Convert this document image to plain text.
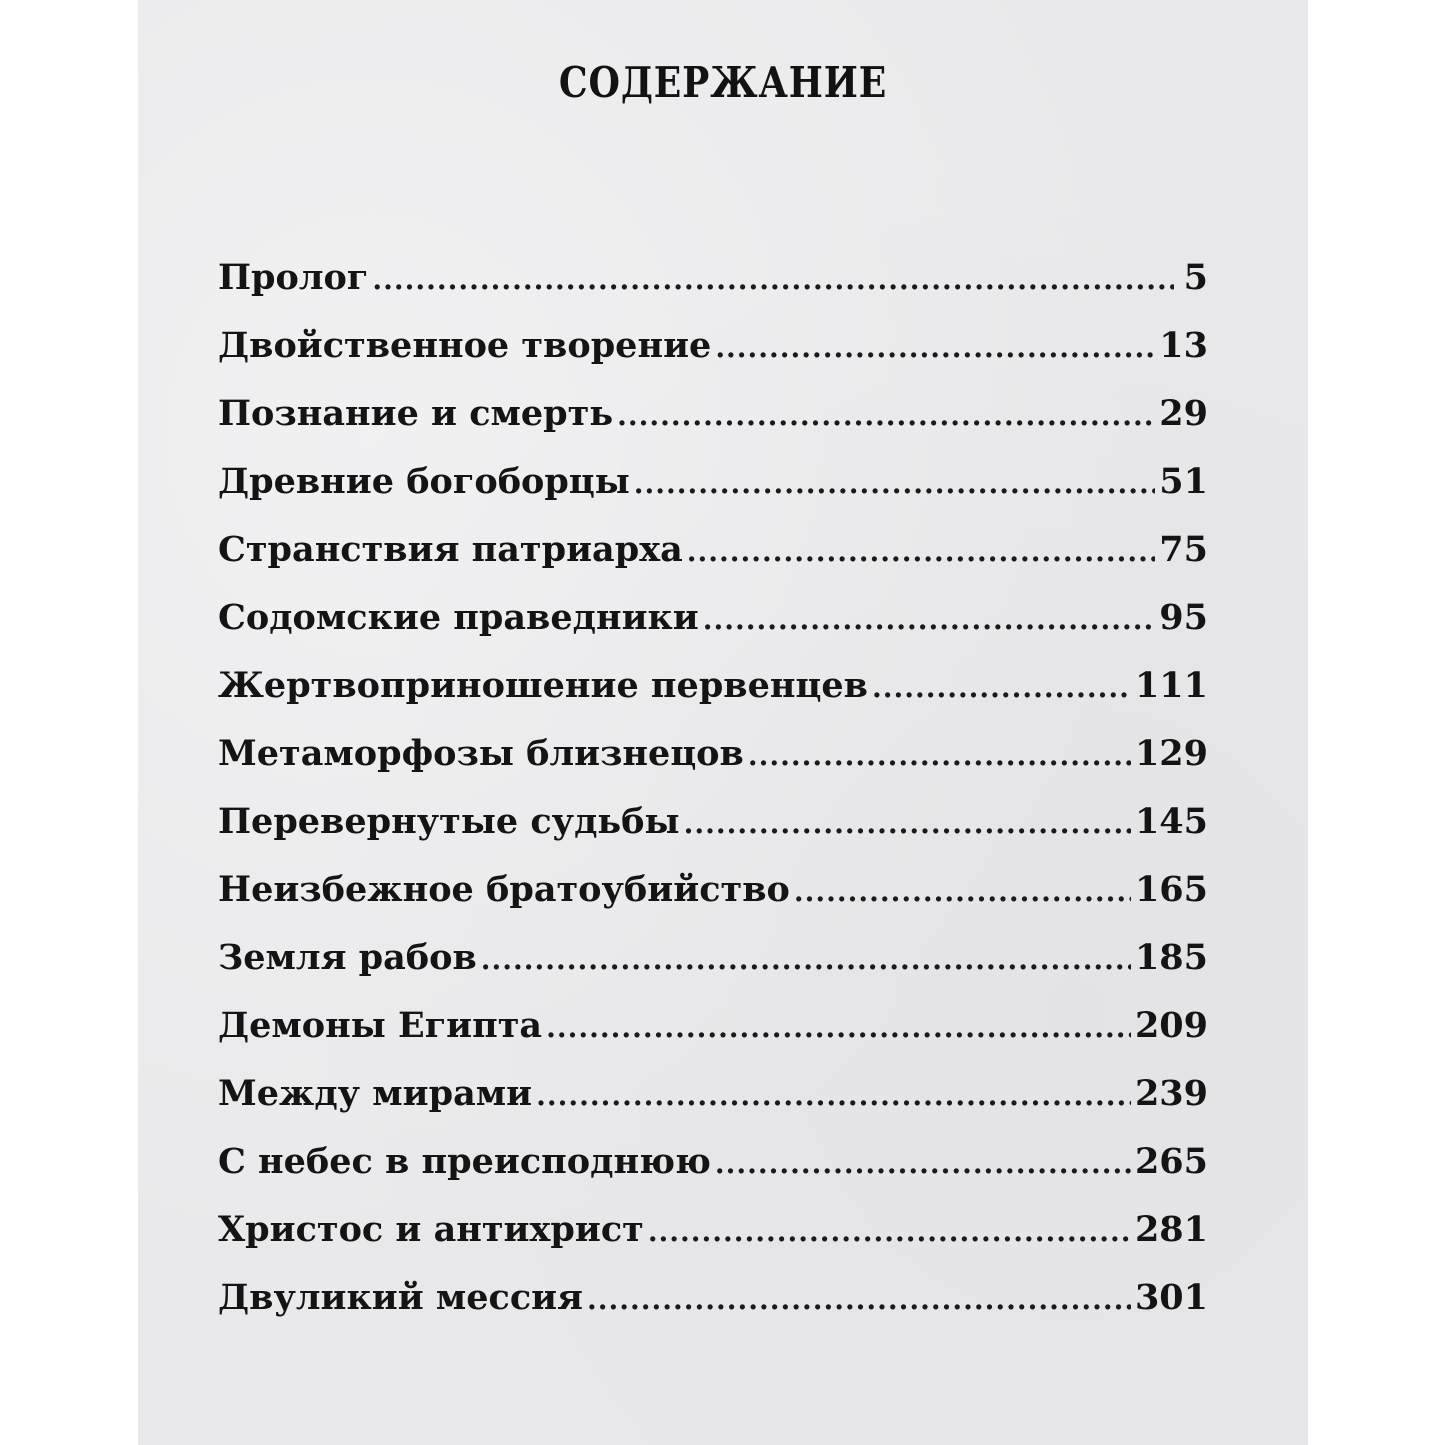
СОДЕРЖАНИЕ
Пролог .....	5
Двойственное творение .....	13
Познание и смерть .....	29
Древние богоборцы .....	51
Странствия патриарха .....	75
Содомские праведники .....	95
Жертвоприношение первенцев .....	111
Метаморфозы близнецов .....	129
Перевернутые судьбы .....	145
Неизбежное братоубийство .....	165
Земля рабов .....	185
Демоны Египта .....	209
Между мирами .....	239
С небес в преисподнюю .....	265
Христос и антихрист .....	281
Двуликий мессия .....	301
